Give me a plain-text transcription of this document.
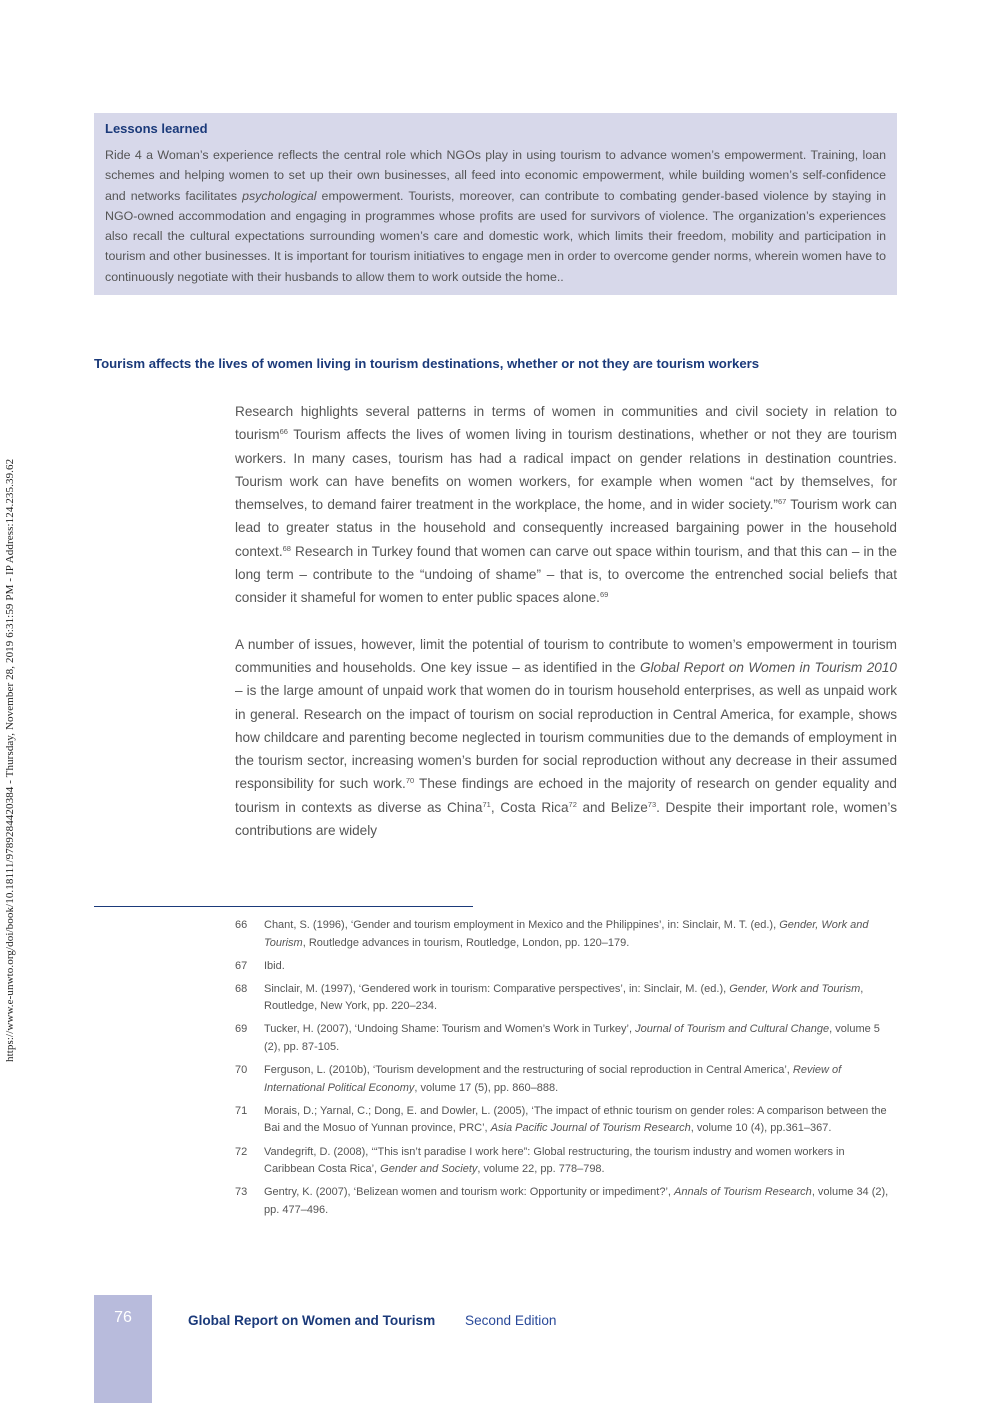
https://www.e-unwto.org/doi/book/10.18111/9789284420384 - Thursday, November 28, 2019 6:31:59 PM - IP Address:124.235.39.62
Lessons learned

Ride 4 a Woman’s experience reflects the central role which NGOs play in using tourism to advance women’s empowerment. Training, loan schemes and helping women to set up their own businesses, all feed into economic empowerment, while building women’s self-confidence and networks facilitates psychological empowerment. Tourists, moreover, can contribute to combating gender-based violence by staying in NGO-owned accommodation and engaging in programmes whose profits are used for survivors of violence. The organization’s experiences also recall the cultural expectations surrounding women’s care and domestic work, which limits their freedom, mobility and participation in tourism and other businesses. It is important for tourism initiatives to engage men in order to overcome gender norms, wherein women have to continuously negotiate with their husbands to allow them to work outside the home..

Tourism affects the lives of women living in tourism destinations, whether or not they are tourism workers

Research highlights several patterns in terms of women in communities and civil society in relation to tourism$^{66}$ Tourism affects the lives of women living in tourism destinations, whether or not they are tourism workers. In many cases, tourism has had a radical impact on gender relations in destination countries. Tourism work can have benefits on women workers, for example when women “act by themselves, for themselves, to demand fairer treatment in the workplace, the home, and in wider society.”$^{67}$ Tourism work can lead to greater status in the household and consequently increased bargaining power in the household context.$^{68}$ Research in Turkey found that women can carve out space within tourism, and that this can – in the long term – contribute to the “undoing of shame” – that is, to overcome the entrenched social beliefs that consider it shameful for women to enter public spaces alone.$^{69}$

A number of issues, however, limit the potential of tourism to contribute to women’s empowerment in tourism communities and households. One key issue – as identified in the Global Report on Women in Tourism 2010 – is the large amount of unpaid work that women do in tourism household enterprises, as well as unpaid work in general. Research on the impact of tourism on social reproduction in Central America, for example, shows how childcare and parenting become neglected in tourism communities due to the demands of employment in the tourism sector, increasing women’s burden for social reproduction without any decrease in their assumed responsibility for such work.$^{70}$ These findings are echoed in the majority of research on gender equality and tourism in contexts as diverse as China$^{71}$, Costa Rica$^{72}$ and Belize$^{73}$. Despite their important role, women’s contributions are widely

66	Chant, S. (1996), ‘Gender and tourism employment in Mexico and the Philippines’, in: Sinclair, M. T. (ed.), Gender, Work and Tourism, Routledge advances in tourism, Routledge, London, pp. 120–179.
67	Ibid.
68	Sinclair, M. (1997), ‘Gendered work in tourism: Comparative perspectives’, in: Sinclair, M. (ed.), Gender, Work and Tourism, Routledge, New York, pp. 220–234.
69	Tucker, H. (2007), ‘Undoing Shame: Tourism and Women’s Work in Turkey’, Journal of Tourism and Cultural Change, volume 5 (2), pp. 87-105.
70	Ferguson, L. (2010b), ‘Tourism development and the restructuring of social reproduction in Central America’, Review of International Political Economy, volume 17 (5), pp. 860–888.
71	Morais, D.; Yarnal, C.; Dong, E. and Dowler, L. (2005), ‘The impact of ethnic tourism on gender roles: A comparison between the Bai and the Mosuo of Yunnan province, PRC’, Asia Pacific Journal of Tourism Research, volume 10 (4), pp.361–367.
72	Vandegrift, D. (2008), ‘“This isn’t paradise I work here”: Global restructuring, the tourism industry and women workers in Caribbean Costa Rica’, Gender and Society, volume 22, pp. 778–798.
73	Gentry, K. (2007), ‘Belizean women and tourism work: Opportunity or impediment?’, Annals of Tourism Research, volume 34 (2), pp. 477–496.
76	Global Report on Women and Tourism Second Edition
